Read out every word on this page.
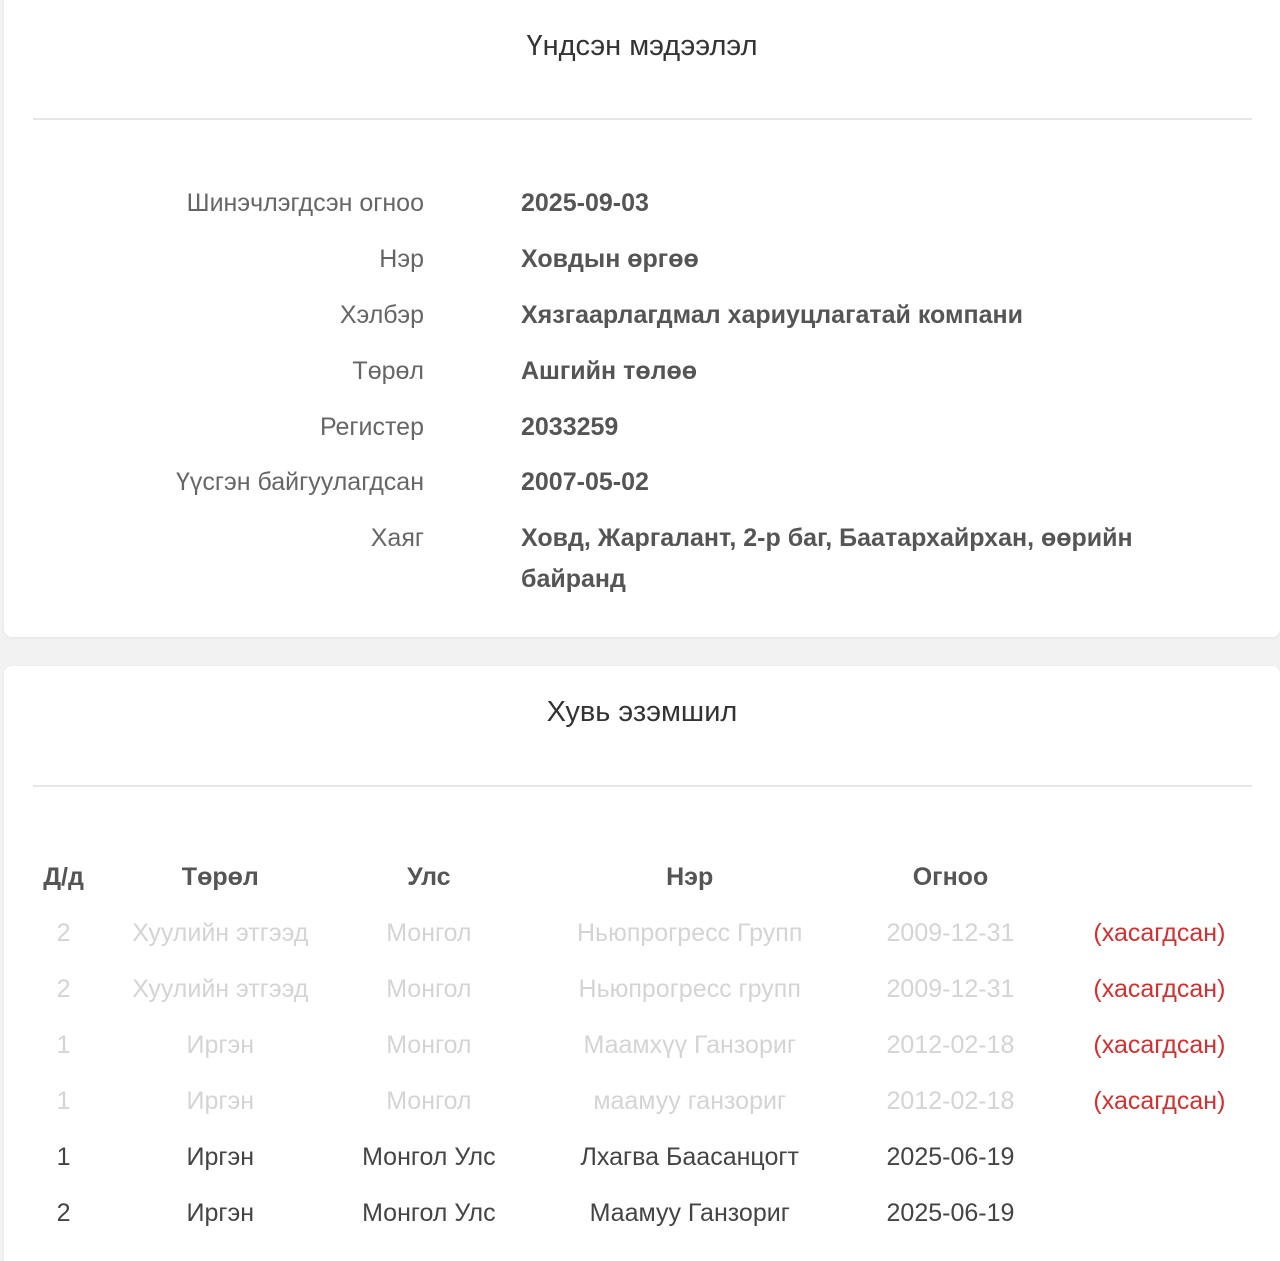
Үндсэн мэдээлэл
Шинэчлэгдсэн огноо	2025-09-03
Нэр	Ховдын өргөө
Хэлбэр	Хязгаарлагдмал хариуцлагатай компани
Төрөл	Ашгийн төлөө
Регистер	2033259
Үүсгэн байгуулагдсан	2007-05-02
Хаяг	Ховд, Жаргалант, 2-р баг, Баатархайрхан, өөрийн байранд
Хувь эзэмшил
Д/д	Төрөл	Улс	Нэр	Огноо	
2	Хуулийн этгээд	Монгол	Ньюпрогресс Групп	2009-12-31	(хасагдсан)
2	Хуулийн этгээд	Монгол	Ньюпрогресс групп	2009-12-31	(хасагдсан)
1	Иргэн	Монгол	Маамхүү Ганзориг	2012-02-18	(хасагдсан)
1	Иргэн	Монгол	маамуу ганзориг	2012-02-18	(хасагдсан)
1	Иргэн	Монгол Улс	Лхагва Баасанцогт	2025-06-19	
2	Иргэн	Монгол Улс	Маамуу Ганзориг	2025-06-19	
